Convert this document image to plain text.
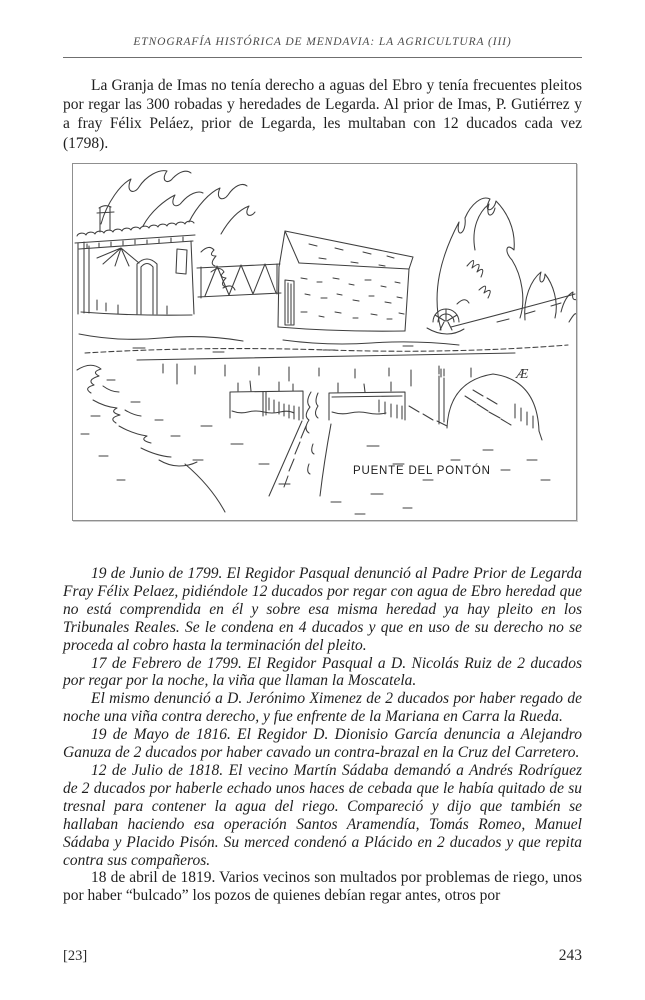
ETNOGRAFÍA HISTÓRICA DE MENDAVIA: LA AGRICULTURA (III)

La Granja de Imas no tenía derecho a aguas del Ebro y tenía frecuentes pleitos por regar las 300 robadas y heredades de Legarda. Al prior de Imas, P. Gutiérrez y a fray Félix Peláez, prior de Legarda, les multaban con 12 ducados cada vez (1798).

PUENTE DEL PONTÓN
Æ

19 de Junio de 1799. El Regidor Pasqual denunció al Padre Prior de Legarda Fray Félix Pelaez, pidiéndole 12 ducados por regar con agua de Ebro heredad que no está comprendida en él y sobre esa misma heredad ya hay pleito en los Tribunales Reales. Se le condena en 4 ducados y que en uso de su derecho no se proceda al cobro hasta la terminación del pleito.

17 de Febrero de 1799. El Regidor Pasqual a D. Nicolás Ruiz de 2 ducados por regar por la noche, la viña que llaman la Moscatela.

El mismo denunció a D. Jerónimo Ximenez de 2 ducados por haber regado de noche una viña contra derecho, y fue enfrente de la Mariana en Carra la Rueda.

19 de Mayo de 1816. El Regidor D. Dionisio García denuncia a Alejandro Ganuza de 2 ducados por haber cavado un contra-brazal en la Cruz del Carretero.

12 de Julio de 1818. El vecino Martín Sádaba demandó a Andrés Rodríguez de 2 ducados por haberle echado unos haces de cebada que le había quitado de su tresnal para contener la agua del riego. Compareció y dijo que también se hallaban haciendo esa operación Santos Aramendía, Tomás Romeo, Manuel Sádaba y Placido Pisón. Su merced condenó a Plácido en 2 ducados y que repita contra sus compañeros.

18 de abril de 1819. Varios vecinos son multados por problemas de riego, unos por haber “bulcado” los pozos de quienes debían regar antes, otros por

[23]	243
